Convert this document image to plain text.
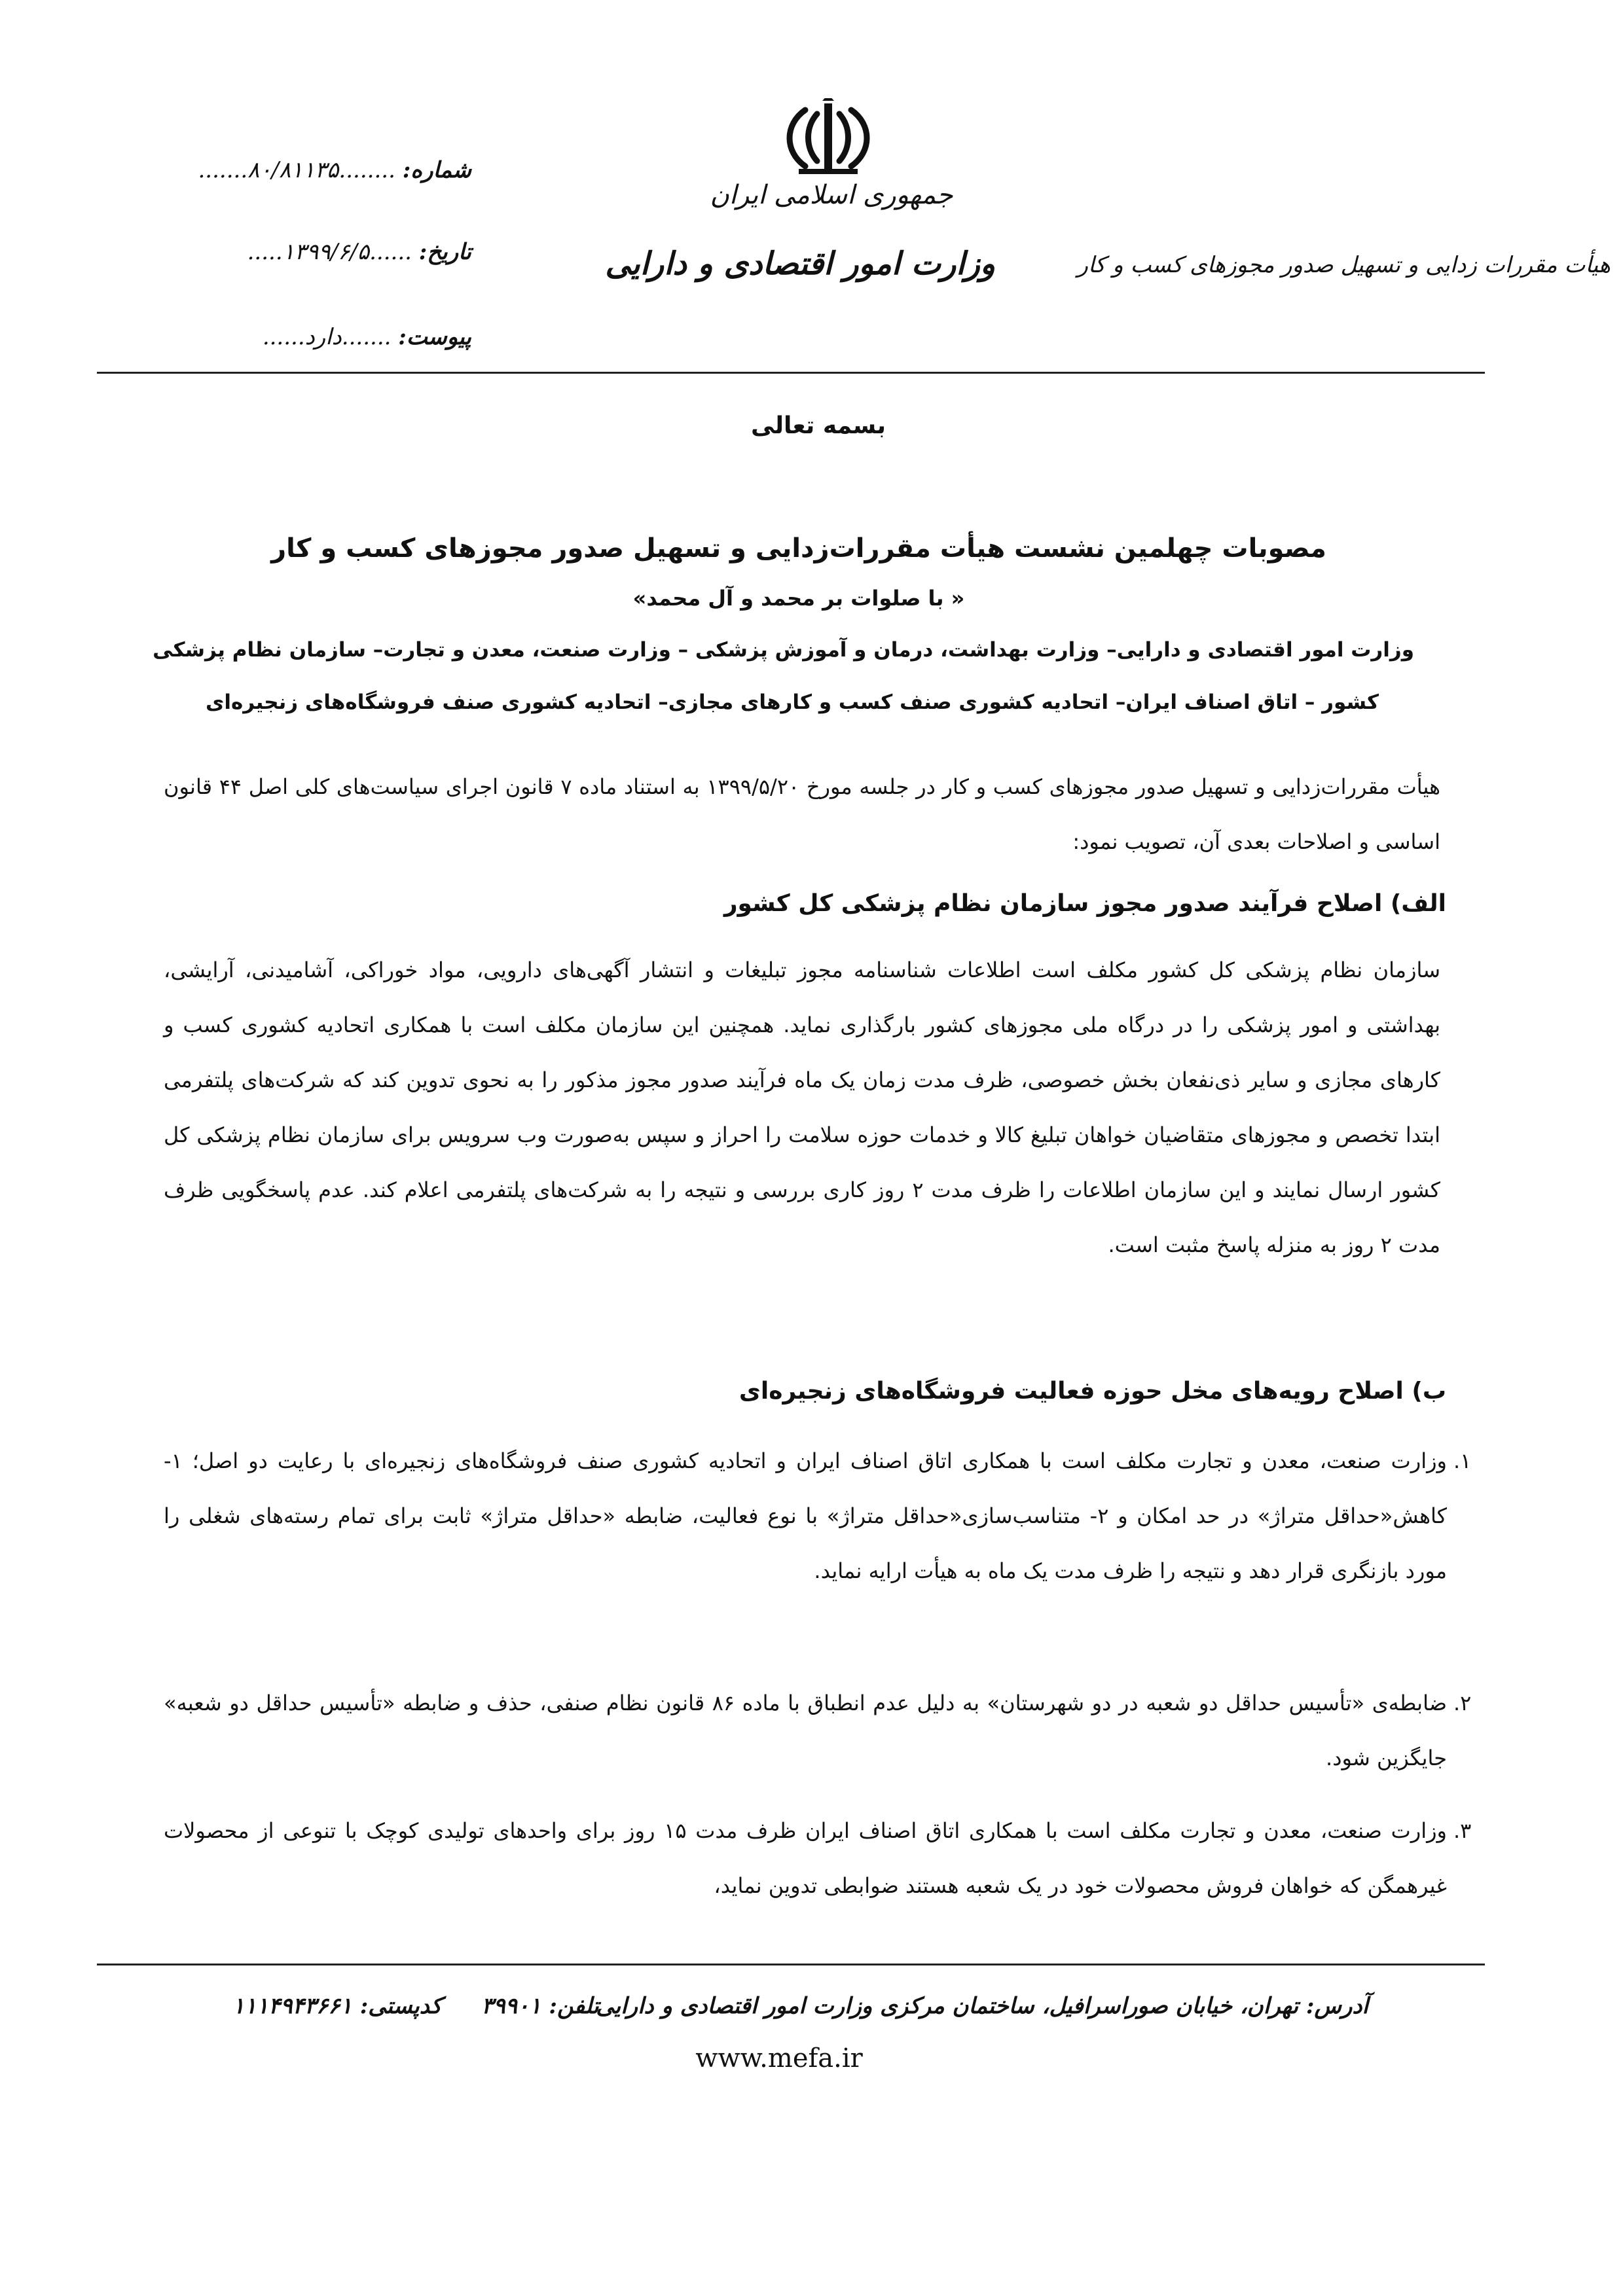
جمهوری اسلامی ایران
وزارت امور اقتصادی و دارایی	هیأت مقررات زدایی و تسهیل صدور مجوزهای کسب و کار
شماره: ........۸۰/۸۱۱۳۵.......
تاریخ: ......۱۳۹۹/۶/۵.....
پیوست: .......دارد......
بسمه تعالی
مصوبات چهلمین نشست هیأت مقررات‌زدایی و تسهیل صدور مجوزهای کسب و کار
« با صلوات بر محمد و آل محمد»
وزارت امور اقتصادی و دارایی– وزارت بهداشت، درمان و آموزش پزشکی – وزارت صنعت، معدن و تجارت– سازمان نظام پزشکی
کشور – اتاق اصناف ایران– اتحادیه کشوری صنف کسب و کارهای مجازی– اتحادیه کشوری صنف فروشگاه‌های زنجیره‌ای
هیأت مقررات‌زدایی و تسهیل صدور مجوزهای کسب و کار در جلسه مورخ ۱۳۹۹/۵/۲۰ به استناد ماده ۷ قانون اجرای سیاست‌های کلی اصل ۴۴ قانون اساسی و اصلاحات بعدی آن، تصویب نمود:
الف) اصلاح فرآیند صدور مجوز سازمان نظام پزشکی کل کشور
سازمان نظام پزشکی کل کشور مکلف است اطلاعات شناسنامه مجوز تبلیغات و انتشار آگهی‌های دارویی، مواد خوراکی، آشامیدنی، آرایشی، بهداشتی و امور پزشکی را در درگاه ملی مجوزهای کشور بارگذاری نماید. همچنین این سازمان مکلف است با همکاری اتحادیه کشوری کسب و کارهای مجازی و سایر ذی‌نفعان بخش خصوصی، ظرف مدت زمان یک ماه فرآیند صدور مجوز مذکور را به نحوی تدوین کند که شرکت‌های پلتفرمی ابتدا تخصص و مجوزهای متقاضیان خواهان تبلیغ کالا و خدمات حوزه سلامت را احراز و سپس به‌صورت وب سرویس برای سازمان نظام پزشکی کل کشور ارسال نمایند و این سازمان اطلاعات را ظرف مدت ۲ روز کاری بررسی و نتیجه را به شرکت‌های پلتفرمی اعلام کند. عدم پاسخگویی ظرف مدت ۲ روز به منزله پاسخ مثبت است.
ب) اصلاح رویه‌های مخل حوزه فعالیت فروشگاه‌های زنجیره‌ای
۱.
وزارت صنعت، معدن و تجارت مکلف است با همکاری اتاق اصناف ایران و اتحادیه کشوری صنف فروشگاه‌های زنجیره‌ای با رعایت دو اصل؛ ۱- کاهش«حداقل متراژ» در حد امکان و ۲- متناسب‌سازی«حداقل متراژ» با نوع فعالیت، ضابطه «حداقل متراژ» ثابت برای تمام رسته‌های شغلی را مورد بازنگری قرار دهد و نتیجه را ظرف مدت یک ماه به هیأت ارایه نماید.
۲.
ضابطه‌ی «تأسیس حداقل دو شعبه در دو شهرستان» به دلیل عدم انطباق با ماده ۸۶ قانون نظام صنفی، حذف و ضابطه «تأسیس حداقل دو شعبه» جایگزین شود.
۳.
وزارت صنعت، معدن و تجارت مکلف است با همکاری اتاق اصناف ایران ظرف مدت ۱۵ روز برای واحدهای تولیدی کوچک با تنوعی از محصولات غیرهمگن که خواهان فروش محصولات خود در یک شعبه هستند ضوابطی تدوین نماید،
آدرس: تهران، خیابان صوراسرافیل، ساختمان مرکزی وزارت امور اقتصادی و دارایی
تلفن: ۳۹۹۰۱
کدپستی: ۱۱۱۴۹۴۳۶۶۱
www.mefa.ir
